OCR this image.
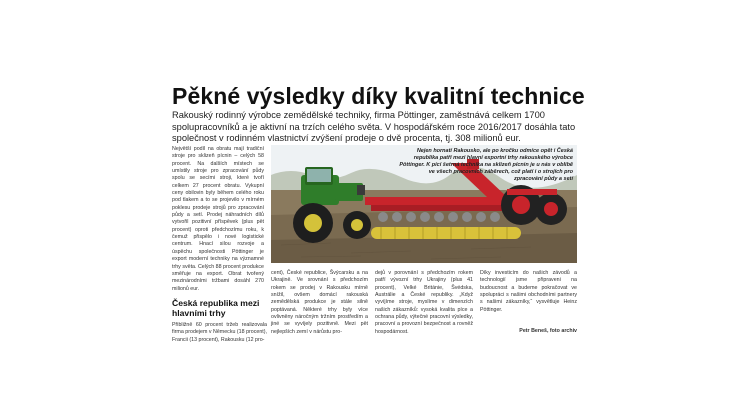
Pěkné výsledky díky kvalitní technice

Rakouský rodinný výrobce zemědělské techniky, firma Pöttinger, zaměstnává celkem 1700 spolupracovníků a je aktivní na trzích celého světa. V hospodářském roce 2016/2017 dosáhla tato společnost v rodinném vlastnictví zvýšení prodeje o dvě procenta, tj. 308 milionů eur.

Největší podíl na obratu mají tradiční stroje pro sklizeň pícnin – celých 58 procent. Na dalších místech se umístily stroje pro zpracování půdy spolu se secími stroji, které tvoří celkem 27 procent obratu. Vykupní ceny obilovin byly během celého roku pod tlakem a to se projevilo v mírném poklesu prodeje strojů pro zpracování půdy a setí. Prodej náhradních dílů vytvořil pozitivní příspěvek (plus pět procent) oproti předchozímu roku, k čemuž přispělo i nové logistické centrum. Hnací silou rozvoje a úspěchu společnosti Pöttinger je export moderní techniky na významné trhy světa. Celých 88 procent produkce směřuje na export. Obrat tvořený mezinárodními tržbami dosáhl 270 milionů eur.

Česká republika mezi hlavními trhy

Přibližně 60 procent tržeb realizovala firma prodejem v Německu (18 procent), Francii (13 procent), Rakousku (12 pro-

Nejen hornatí Rakousko, ale po kročku odmíce opět i Česká republika patří mezi hlavní exportní trhy rakouského výrobce Pöttinger. K pící šetrná technika na sklizeň pícnin je u nás v oblibě ve všech pracovních záběrech, což platí i o strojích pro zpracování půdy a setí

cent), České republice, Švýcarsku a na Ukrajině. Ve srovnání s předchozím rokem se prodej v Rakousku mírně snížil, ovšem domácí rakouská zemědělská produkce je stále silně poptávaná. Některé trhy byly více ovlivněny náročným tržním prostředím a jiné se vyvíjely pozitivně. Mezi pět nejlepších zemí v nárůstu pro-

dejů v porovnání s předchozím rokem patří vývozní trhy Ukrajiny (plus 41 procent), Velké Británie, Švédska, Austrálie a České republiky. „Když vyvíjíme stroje, myslíme v dimenzích našich zákazníků: vysoká kvalita píce a ochrana půdy, výtečné pracovní výsledky, pracovní a provozní bezpečnost a rovněž hospodárnost.

Díky investicím do našich závodů a technologií jsme připraveni na budoucnost a budeme pokračovat ve spolupráci s našimi obchodními partnery s našimi zákazníky,“ vysvětluje Heinz Pöttinger.

Petr Beneš, foto archiv
